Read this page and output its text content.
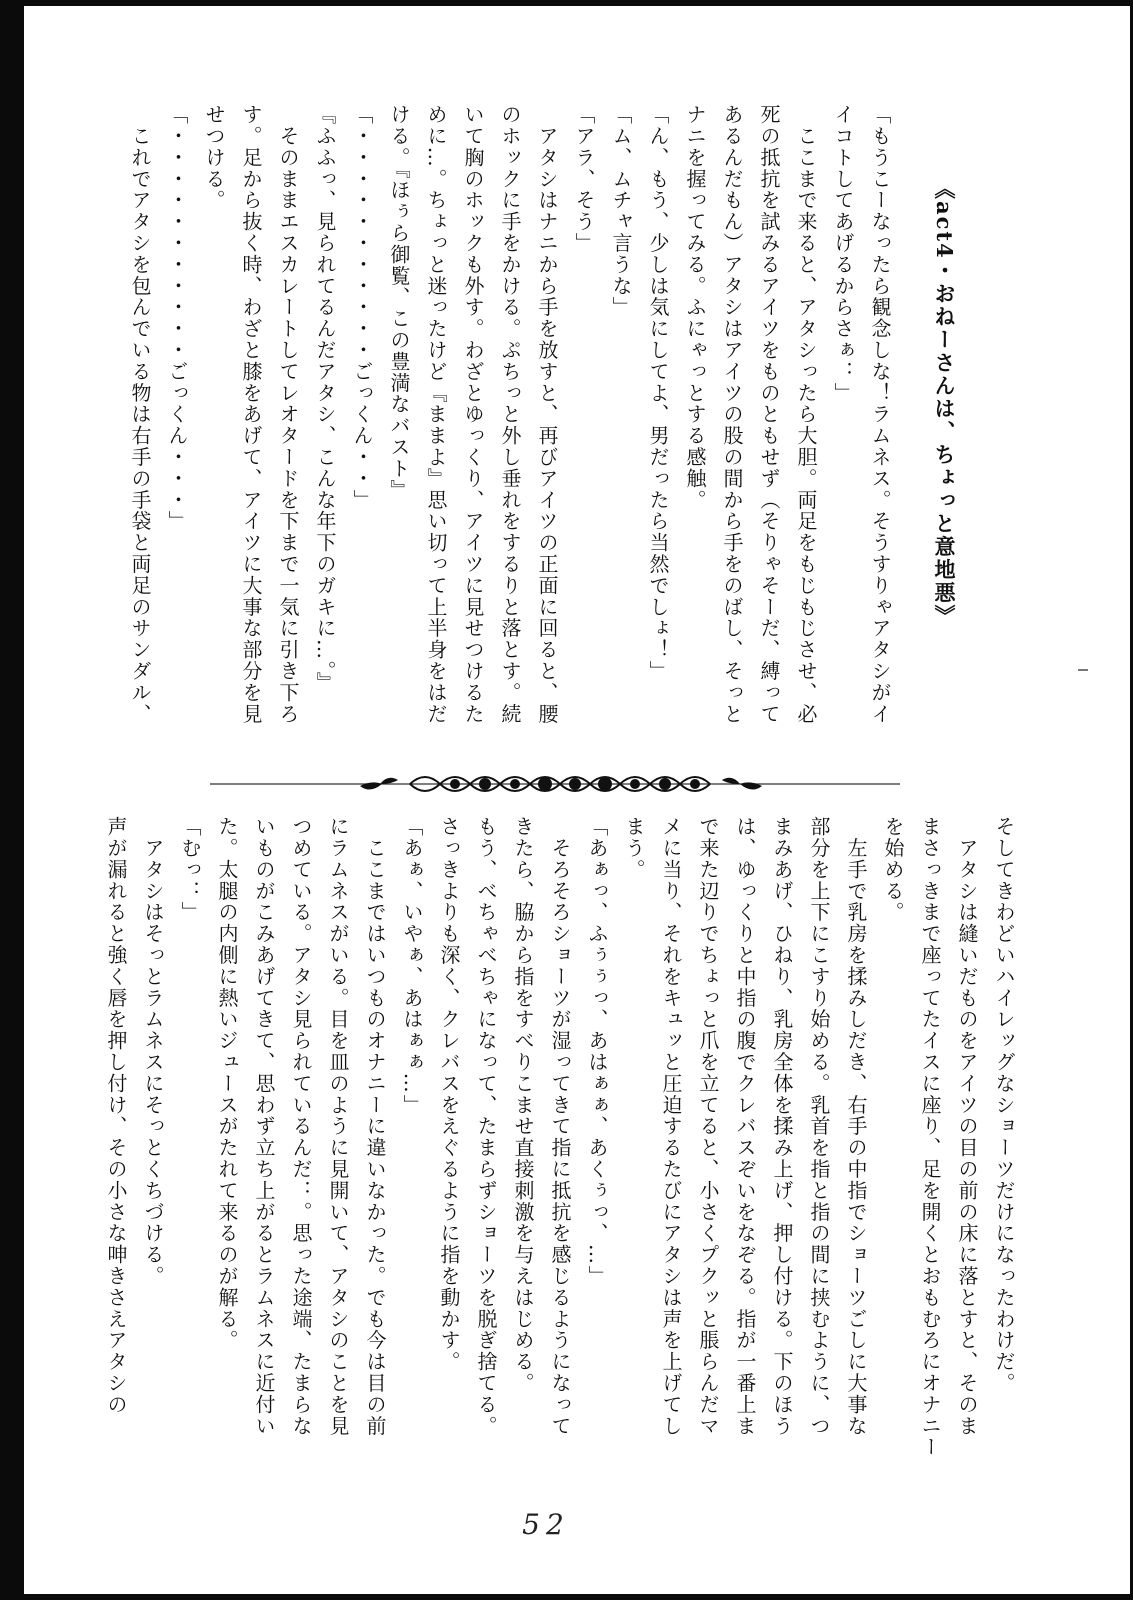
《act4・おねーさんは、ちょっと意地悪》
「もうこーなったら観念しな！ラムネス。そうすりゃアタシがイ
イコトしてあげるからさぁ：」
　ここまで来ると、アタシったら大胆。両足をもじもじさせ、必
死の抵抗を試みるアイツをものともせず（そりゃそーだ、縛って
あるんだもん）アタシはアイツの股の間から手をのばし、そっと
ナニを握ってみる。ふにゃっとする感触。
「ん、もう、少しは気にしてよ、男だったら当然でしょ！」
「ム、ムチャ言うな」
「アラ、そう」
　アタシはナニから手を放すと、再びアイツの正面に回ると、腰
のホックに手をかける。ぷちっと外し垂れをするりと落とす。続
いて胸のホックも外す。わざとゆっくり、アイツに見せつけるた
めに…。ちょっと迷ったけど『ままよ』思い切って上半身をはだ
ける。『ほぅら御覧、この豊満なバスト』
「・・・・・・・・・・・ごっくん・・」
『ふふっ、見られてるんだアタシ、こんな年下のガキに…。』
　そのままエスカレートしてレオタードを下まで一気に引き下ろ
す。足から抜く時、わざと膝をあげて、アイツに大事な部分を見
せつける。
「・・・・・・・・・・・ごっくん・・・」
　これでアタシを包んでいる物は右手の手袋と両足のサンダル、
そしてきわどいハイレッグなショーツだけになったわけだ。
　アタシは縫いだものをアイツの目の前の床に落とすと、そのま
まさっきまで座ってたイスに座り、足を開くとおもむろにオナニー
を始める。
　左手で乳房を揉みしだき、右手の中指でショーツごしに大事な
部分を上下にこすり始める。乳首を指と指の間に挟むように、つ
まみあげ、ひねり、乳房全体を揉み上げ、押し付ける。下のほう
は、ゆっくりと中指の腹でクレバスぞいをなぞる。指が一番上ま
で来た辺りでちょっと爪を立てると、小さくプクッと脹らんだマ
メに当り、それをキュッと圧迫するたびにアタシは声を上げてし
まう。
「あぁっ、ふぅぅっ、あはぁぁ、あくぅっ、…」
　そろそろショーツが湿ってきて指に抵抗を感じるようになって
きたら、脇から指をすべりこませ直接刺激を与えはじめる。
もう、べちゃべちゃになって、たまらずショーツを脱ぎ捨てる。
さっきよりも深く、クレバスをえぐるように指を動かす。
「あぁ、いやぁ、あはぁぁ…」
　ここまではいつものオナニーに違いなかった。でも今は目の前
にラムネスがいる。目を皿のように見開いて、アタシのことを見
つめている。アタシ見られているんだ：。思った途端、たまらな
いものがこみあげてきて、思わず立ち上がるとラムネスに近付い
た。太腿の内側に熱いジュースがたれて来るのが解る。
「むっ：」
　アタシはそっとラムネスにそっとくちづける。
声が漏れると強く唇を押し付け、その小さな呻きさえアタシの
52
